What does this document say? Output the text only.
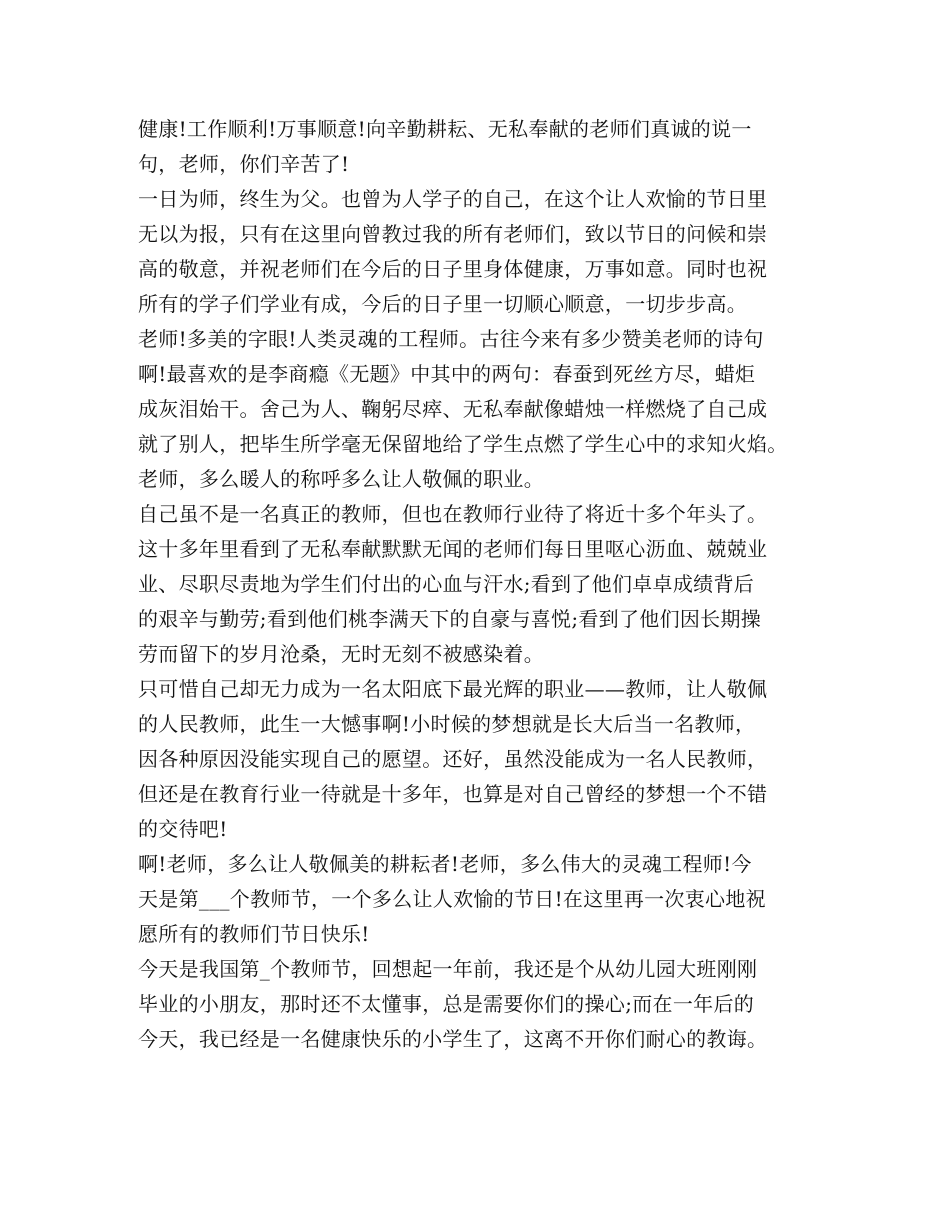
健康!工作顺利!万事顺意!向辛勤耕耘、无私奉献的老师们真诚的说一
句，老师，你们辛苦了!
一日为师，终生为父。也曾为人学子的自己，在这个让人欢愉的节日里
无以为报，只有在这里向曾教过我的所有老师们，致以节日的问候和崇
高的敬意，并祝老师们在今后的日子里身体健康，万事如意。同时也祝
所有的学子们学业有成，今后的日子里一切顺心顺意，一切步步高。
老师!多美的字眼!人类灵魂的工程师。古往今来有多少赞美老师的诗句
啊!最喜欢的是李商瘾《无题》中其中的两句：春蚕到死丝方尽，蜡炬
成灰泪始干。舍己为人、鞠躬尽瘁、无私奉献像蜡烛一样燃烧了自己成
就了别人，把毕生所学毫无保留地给了学生点燃了学生心中的求知火焰。
老师，多么暖人的称呼多么让人敬佩的职业。
自己虽不是一名真正的教师，但也在教师行业待了将近十多个年头了。
这十多年里看到了无私奉献默默无闻的老师们每日里呕心沥血、兢兢业
业、尽职尽责地为学生们付出的心血与汗水;看到了他们卓卓成绩背后
的艰辛与勤劳;看到他们桃李满天下的自豪与喜悦;看到了他们因长期操
劳而留下的岁月沧桑，无时无刻不被感染着。
只可惜自己却无力成为一名太阳底下最光辉的职业——教师，让人敬佩
的人民教师，此生一大憾事啊!小时候的梦想就是长大后当一名教师，
因各种原因没能实现自己的愿望。还好，虽然没能成为一名人民教师，
但还是在教育行业一待就是十多年，也算是对自己曾经的梦想一个不错
的交待吧!
啊!老师，多么让人敬佩美的耕耘者!老师，多么伟大的灵魂工程师!今
天是第___个教师节，一个多么让人欢愉的节日!在这里再一次衷心地祝
愿所有的教师们节日快乐!
今天是我国第_个教师节，回想起一年前，我还是个从幼儿园大班刚刚
毕业的小朋友，那时还不太懂事，总是需要你们的操心;而在一年后的
今天，我已经是一名健康快乐的小学生了，这离不开你们耐心的教诲。
